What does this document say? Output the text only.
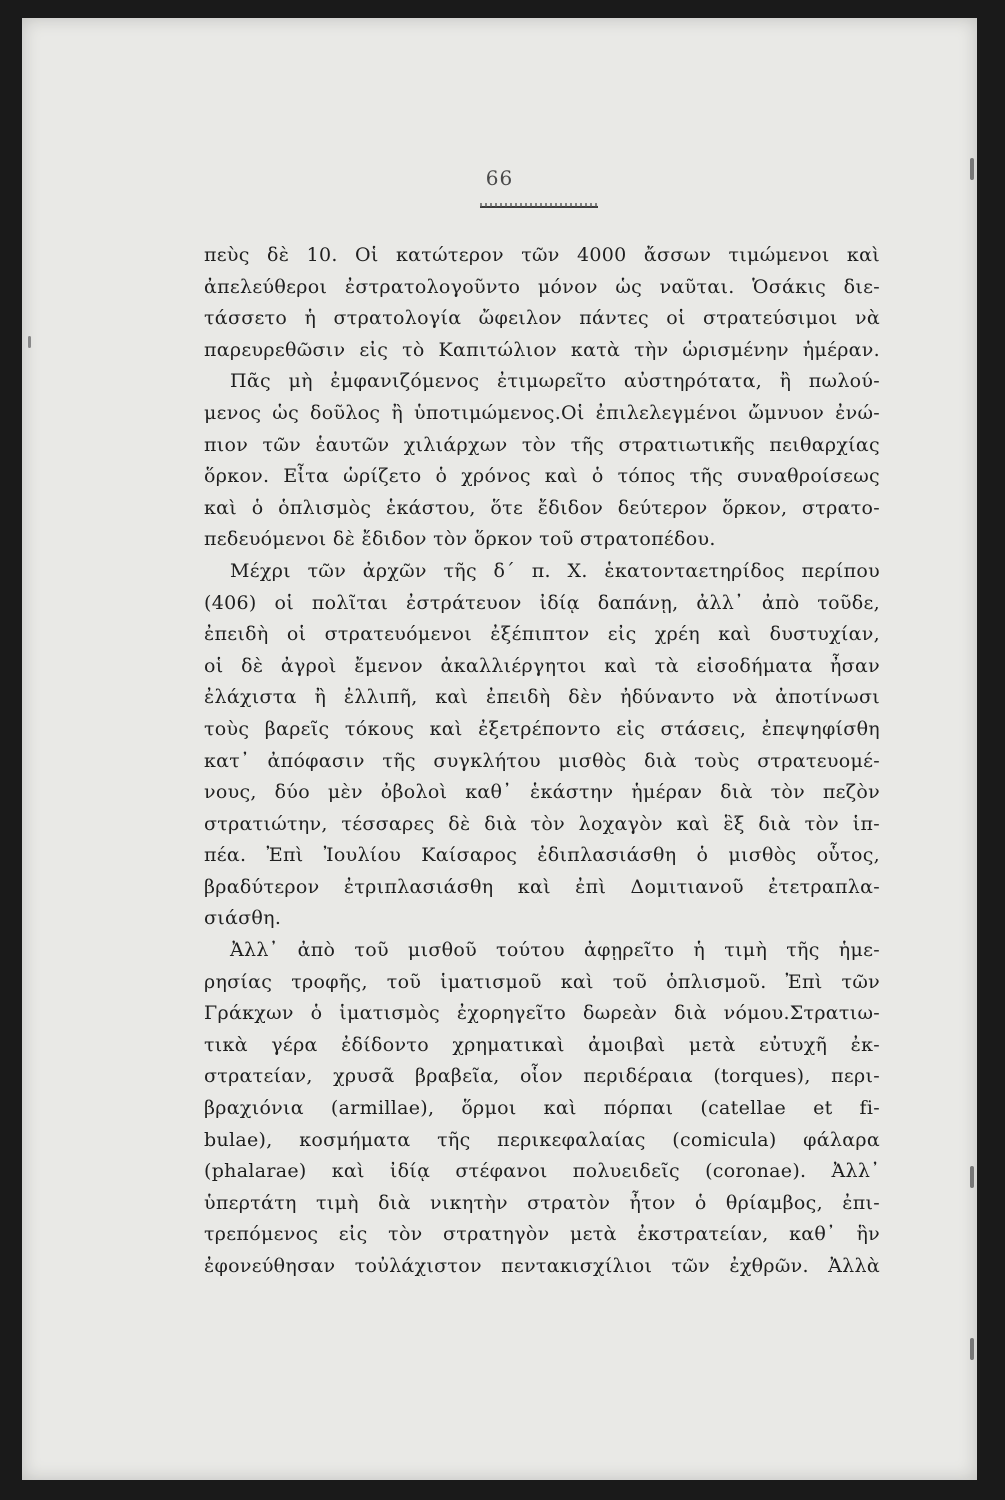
66
πεὺς δὲ 10. Οἱ κατώτερον τῶν 4000 ἄσσων τιμώμενοι καὶ
ἀπελεύθεροι ἐστρατολογοῦντο μόνον ὡς ναῦται. Ὁσάκις διε-
τάσσετο ἡ στρατολογία ὤφειλον πάντες οἱ στρατεύσιμοι νὰ
παρευρεθῶσιν εἰς τὸ Καπιτώλιον κατὰ τὴν ὡρισμένην ἡμέραν.
Πᾶς μὴ ἐμφανιζόμενος ἐτιμωρεῖτο αὐστηρότατα, ἢ πωλού-
μενος ὡς δοῦλος ἢ ὑποτιμώμενος.Οἱ ἐπιλελεγμένοι ὤμνυον ἐνώ-
πιον τῶν ἑαυτῶν χιλιάρχων τὸν τῆς στρατιωτικῆς πειθαρχίας
ὅρκον. Εἶτα ὡρίζετο ὁ χρόνος καὶ ὁ τόπος τῆς συναθροίσεως
καὶ ὁ ὁπλισμὸς ἑκάστου, ὅτε ἔδιδον δεύτερον ὅρκον, στρατο-
πεδευόμενοι δὲ ἔδιδον τὸν ὅρκον τοῦ στρατοπέδου.
Μέχρι τῶν ἀρχῶν τῆς δ΄ π. Χ. ἑκατονταετηρίδος περίπου
(406) οἱ πολῖται ἐστράτευον ἰδίᾳ δαπάνῃ, ἀλλ᾽ ἀπὸ τοῦδε,
ἐπειδὴ οἱ στρατευόμενοι ἐξέπιπτον εἰς χρέη καὶ δυστυχίαν,
οἱ δὲ ἀγροὶ ἔμενον ἀκαλλιέργητοι καὶ τὰ εἰσοδήματα ἦσαν
ἐλάχιστα ἢ ἐλλιπῆ, καὶ ἐπειδὴ δὲν ἠδύναντο νὰ ἀποτίνωσι
τοὺς βαρεῖς τόκους καὶ ἐξετρέποντο εἰς στάσεις, ἐπεψηφίσθη
κατ᾽ ἀπόφασιν τῆς συγκλήτου μισθὸς διὰ τοὺς στρατευομέ-
νους, δύο μὲν ὀβολοὶ καθ᾽ ἑκάστην ἡμέραν διὰ τὸν πεζὸν
στρατιώτην, τέσσαρες δὲ διὰ τὸν λοχαγὸν καὶ ἓξ διὰ τὸν ἱπ-
πέα. Ἐπὶ Ἰουλίου Καίσαρος ἐδιπλασιάσθη ὁ μισθὸς οὗτος,
βραδύτερον ἐτριπλασιάσθη καὶ ἐπὶ Δομιτιανοῦ ἐτετραπλα-
σιάσθη.
Ἀλλ᾽ ἀπὸ τοῦ μισθοῦ τούτου ἀφῃρεῖτο ἡ τιμὴ τῆς ἡμε-
ρησίας τροφῆς, τοῦ ἱματισμοῦ καὶ τοῦ ὁπλισμοῦ. Ἐπὶ τῶν
Γράκχων ὁ ἱματισμὸς ἐχορηγεῖτο δωρεὰν διὰ νόμου.Στρατιω-
τικὰ γέρα ἐδίδοντο χρηματικαὶ ἀμοιβαὶ μετὰ εὐτυχῆ ἐκ-
στρατείαν, χρυσᾶ βραβεῖα, οἷον περιδέραια (torques), περι-
βραχιόνια (armillae), ὅρμοι καὶ πόρπαι (catellae et fi-
bulae), κοσμήματα τῆς περικεφαλαίας (comicula) φάλαρα
(phalarae) καὶ ἰδίᾳ στέφανοι πολυειδεῖς (coronae). Ἀλλ᾽
ὑπερτάτη τιμὴ διὰ νικητὴν στρατὸν ἦτον ὁ θρίαμβος, ἐπι-
τρεπόμενος εἰς τὸν στρατηγὸν μετὰ ἐκστρατείαν, καθ᾽ ἣν
ἐφονεύθησαν τοὐλάχιστον πεντακισχίλιοι τῶν ἐχθρῶν. Ἀλλὰ
